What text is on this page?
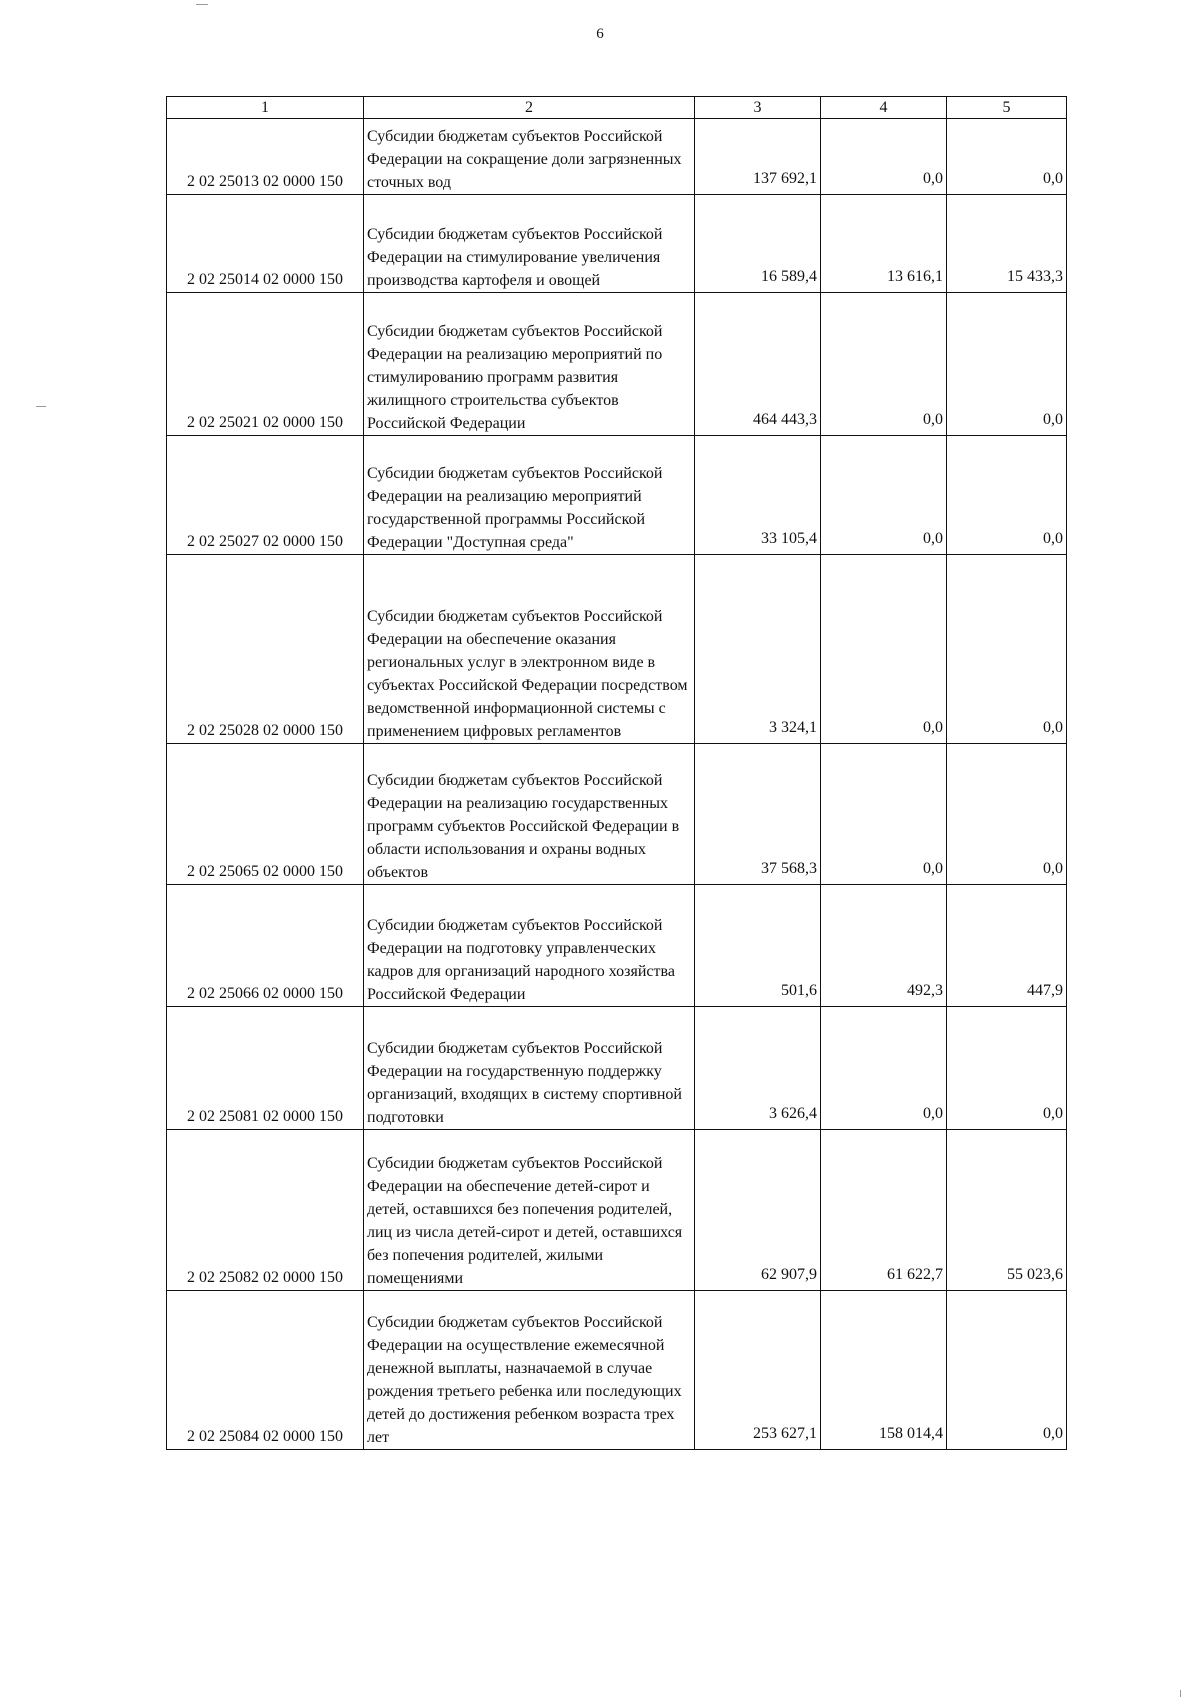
6
1	2	3	4	5
2 02 25013 02 0000 150	Субсидии бюджетам субъектов Российской Федерации на сокращение доли загрязненных сточных вод	137 692,1	0,0	0,0
2 02 25014 02 0000 150	Субсидии бюджетам субъектов Российской Федерации на стимулирование увеличения производства картофеля и овощей	16 589,4	13 616,1	15 433,3
2 02 25021 02 0000 150	Субсидии бюджетам субъектов Российской Федерации на реализацию мероприятий по стимулированию программ развития жилищного строительства субъектов Российской Федерации	464 443,3	0,0	0,0
2 02 25027 02 0000 150	Субсидии бюджетам субъектов Российской Федерации на реализацию мероприятий государственной программы Российской Федерации "Доступная среда"	33 105,4	0,0	0,0
2 02 25028 02 0000 150	Субсидии бюджетам субъектов Российской Федерации на обеспечение оказания региональных услуг в электронном виде в субъектах Российской Федерации посредством ведомственной информационной системы с применением цифровых регламентов	3 324,1	0,0	0,0
2 02 25065 02 0000 150	Субсидии бюджетам субъектов Российской Федерации на реализацию государственных программ субъектов Российской Федерации в области использования и охраны водных объектов	37 568,3	0,0	0,0
2 02 25066 02 0000 150	Субсидии бюджетам субъектов Российской Федерации на подготовку управленческих кадров для организаций народного хозяйства Российской Федерации	501,6	492,3	447,9
2 02 25081 02 0000 150	Субсидии бюджетам субъектов Российской Федерации на государственную поддержку организаций, входящих в систему спортивной подготовки	3 626,4	0,0	0,0
2 02 25082 02 0000 150	Субсидии бюджетам субъектов Российской Федерации на обеспечение детей-сирот и детей, оставшихся без попечения родителей, лиц из числа детей-сирот и детей, оставшихся без попечения родителей, жилыми помещениями	62 907,9	61 622,7	55 023,6
2 02 25084 02 0000 150	Субсидии бюджетам субъектов Российской Федерации на осуществление ежемесячной денежной выплаты, назначаемой в случае рождения третьего ребенка или последующих детей до достижения ребенком возраста трех лет	253 627,1	158 014,4	0,0
